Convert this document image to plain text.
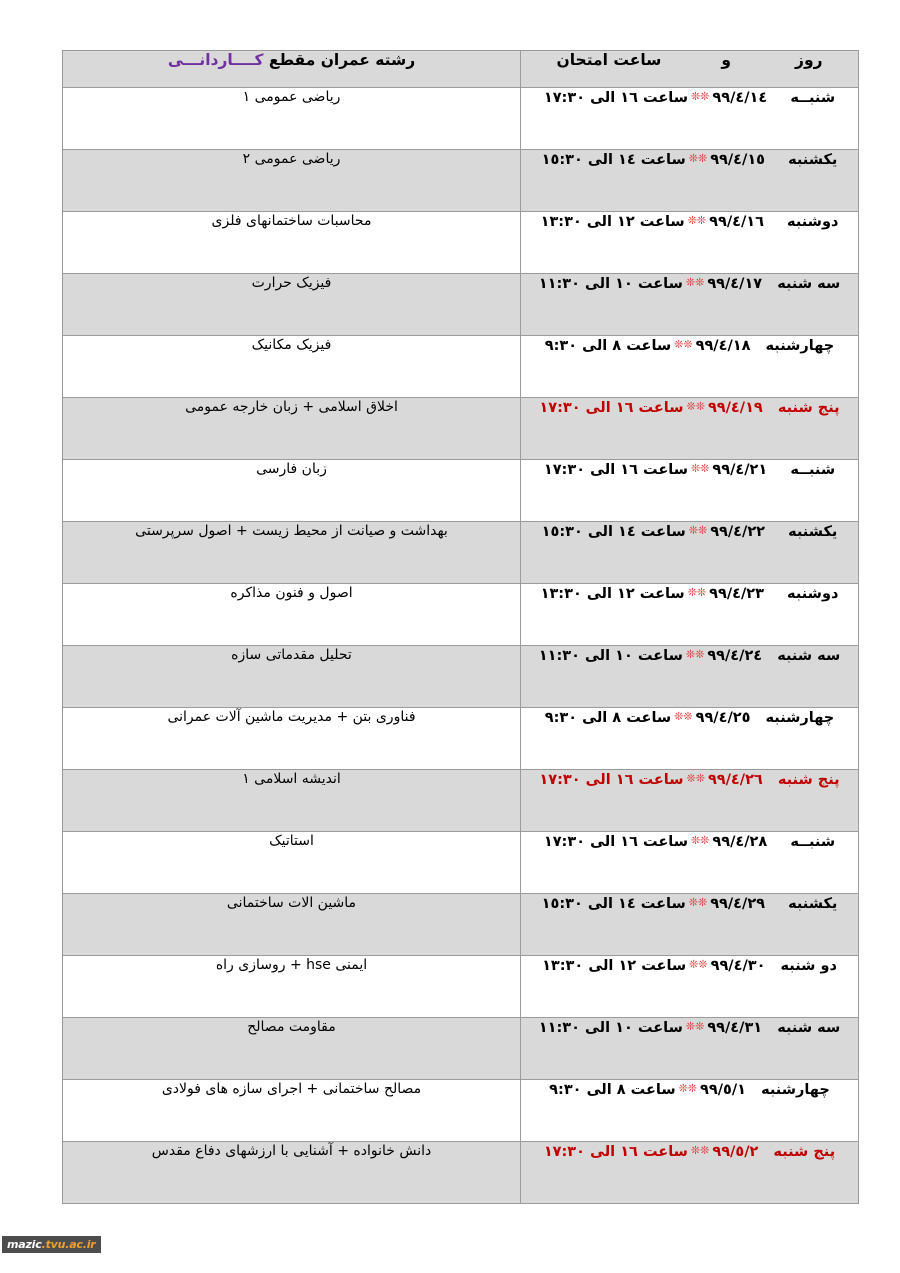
روزوساعت امتحان	رشته عمران مقطع کــــاردانـــی
شنبــه ٩٩/٤/١٤❊❊ساعت ١٦ الی ١٧:٣٠	ریاضی عمومی ١
یکشنبه ٩٩/٤/١٥❊❊ساعت ١٤ الی ١٥:٣٠	ریاضی عمومی ٢
دوشنبه ٩٩/٤/١٦❊❊ساعت ١٢ الی ١٣:٣٠	محاسبات ساختمانهای فلزی
سه شنبه ٩٩/٤/١٧❊❊ساعت ١٠ الی ١١:٣٠	فیزیک حرارت
چهارشنبه ٩٩/٤/١٨❊❊ساعت ٨ الی ٩:٣٠	فیزیک مکانیک
پنج شنبه ٩٩/٤/١٩❊❊ساعت ١٦ الی ١٧:٣٠	اخلاق اسلامی + زبان خارجه عمومی
شنبــه ٩٩/٤/٢١❊❊ساعت ١٦ الی ١٧:٣٠	زبان فارسی
یکشنبه ٩٩/٤/٢٢❊❊ساعت ١٤ الی ١٥:٣٠	بهداشت و صیانت از محیط زیست + اصول سرپرستی
دوشنبه ٩٩/٤/٢٣❊❊ساعت ١٢ الی ١٣:٣٠	اصول و فنون مذاکره
سه شنبه ٩٩/٤/٢٤❊❊ساعت ١٠ الی ١١:٣٠	تحلیل مقدماتی سازه
چهارشنبه ٩٩/٤/٢٥❊❊ساعت ٨ الی ٩:٣٠	فناوری بتن + مدیریت ماشین آلات عمرانی
پنج شنبه ٩٩/٤/٢٦❊❊ساعت ١٦ الی ١٧:٣٠	اندیشه اسلامی ١
شنبــه ٩٩/٤/٢٨❊❊ساعت ١٦ الی ١٧:٣٠	استاتیک
یکشنبه ٩٩/٤/٢٩❊❊ساعت ١٤ الی ١٥:٣٠	ماشین الات ساختمانی
دو شنبه ٩٩/٤/٣٠❊❊ساعت ١٢ الی ١٣:٣٠	ایمنی hse + روسازی راه
سه شنبه ٩٩/٤/٣١❊❊ساعت ١٠ الی ١١:٣٠	مقاومت مصالح
چهارشنبه ٩٩/٥/١❊❊ساعت ٨ الی ٩:٣٠	مصالح ساختمانی + اجرای سازه های فولادی
پنج شنبه ٩٩/٥/٢❊❊ساعت ١٦ الی ١٧:٣٠	دانش خانواده + آشنایی با ارزشهای دفاع مقدس
mazic.tvu.ac.ir
